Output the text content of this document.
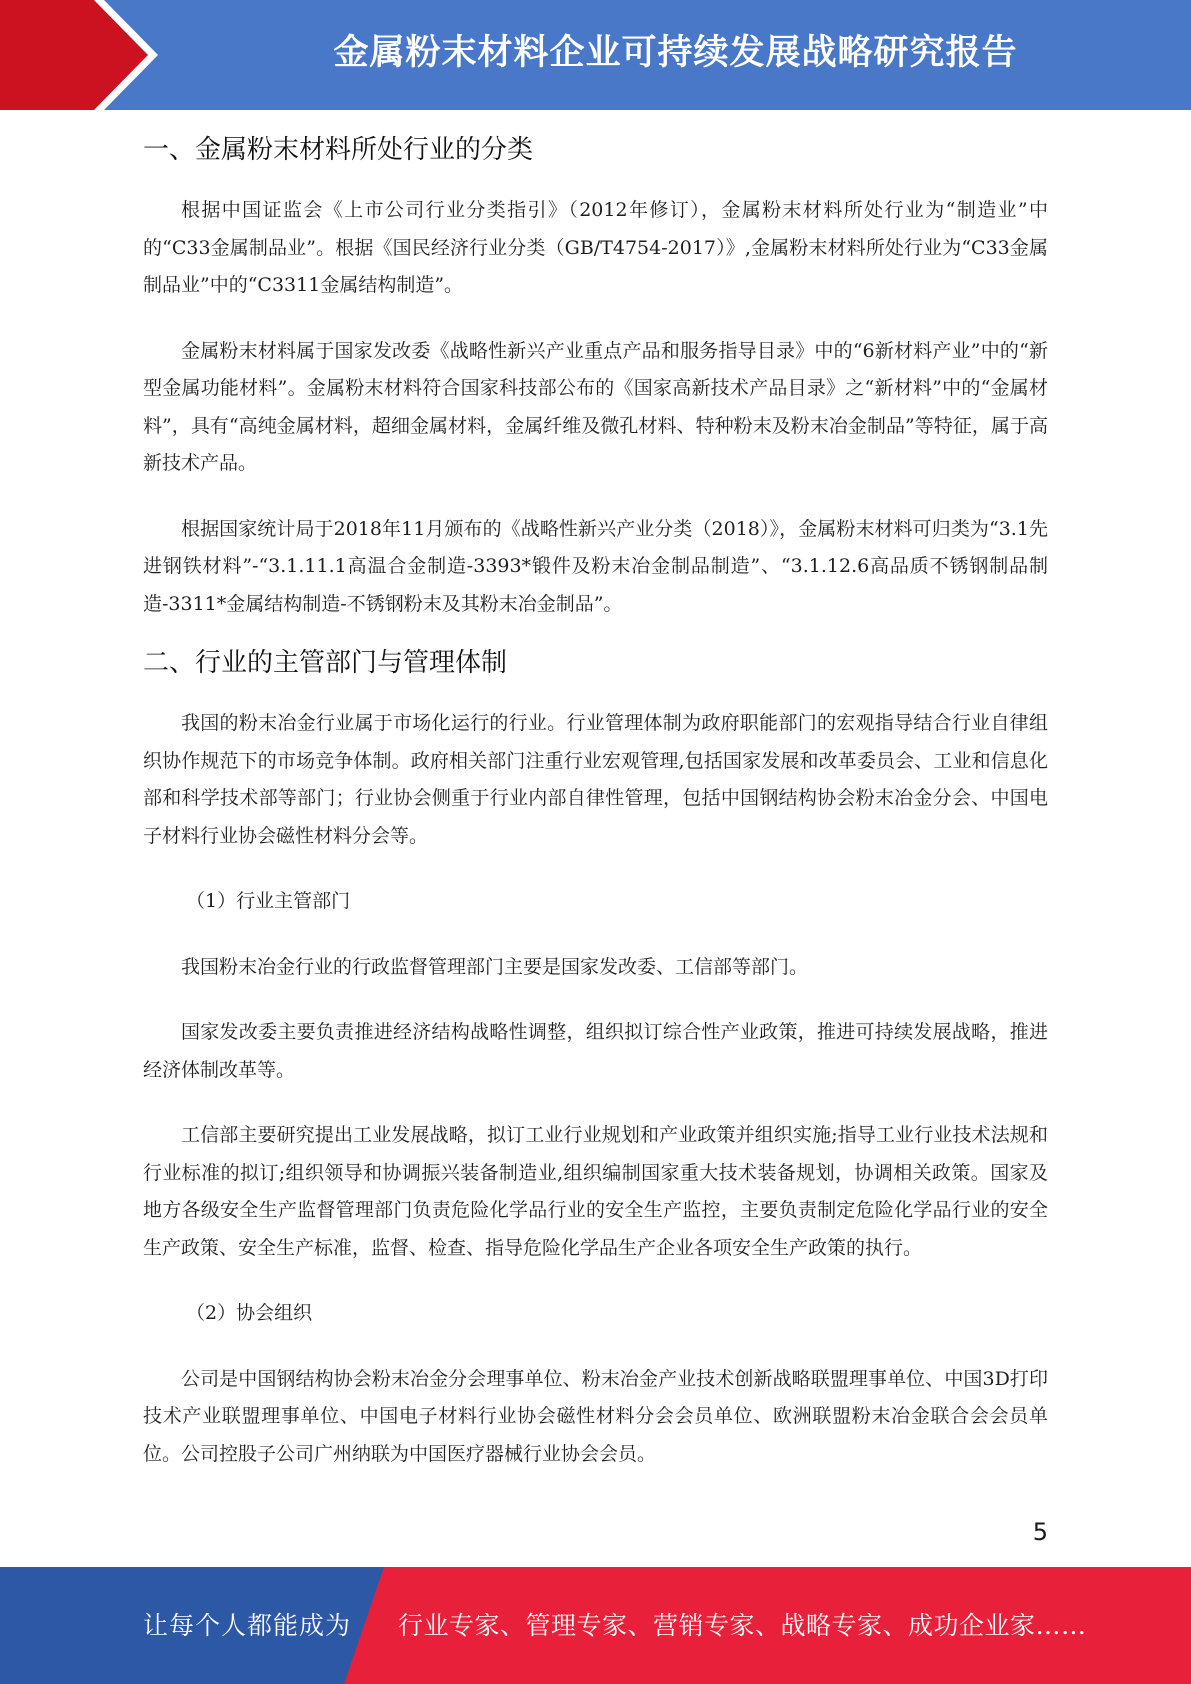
金属粉末材料企业可持续发展战略研究报告
一、金属粉末材料所处行业的分类

根据中国证监会《上市公司行业分类指引》（2012年修订），金属粉末材料所处行业为“制造业”中的“C33金属制品业”。根据《国民经济行业分类（GB/T4754-2017）》,金属粉末材料所处行业为“C33金属制品业”中的“C3311金属结构制造”。

金属粉末材料属于国家发改委《战略性新兴产业重点产品和服务指导目录》中的“6新材料产业”中的“新型金属功能材料”。金属粉末材料符合国家科技部公布的《国家高新技术产品目录》之“新材料”中的“金属材料”，具有“高纯金属材料，超细金属材料，金属纤维及微孔材料、特种粉末及粉末冶金制品”等特征，属于高新技术产品。

根据国家统计局于2018年11月颁布的《战略性新兴产业分类（2018）》，金属粉末材料可归类为“3.1先进钢铁材料”-“3.1.11.1高温合金制造-3393*锻件及粉末冶金制品制造”、“3.1.12.6高品质不锈钢制品制造-3311*金属结构制造-不锈钢粉末及其粉末冶金制品”。

二、行业的主管部门与管理体制

我国的粉末冶金行业属于市场化运行的行业。行业管理体制为政府职能部门的宏观指导结合行业自律组织协作规范下的市场竞争体制。政府相关部门注重行业宏观管理,包括国家发展和改革委员会、工业和信息化部和科学技术部等部门；行业协会侧重于行业内部自律性管理，包括中国钢结构协会粉末冶金分会、中国电子材料行业协会磁性材料分会等。

（1）行业主管部门

我国粉末冶金行业的行政监督管理部门主要是国家发改委、工信部等部门。

国家发改委主要负责推进经济结构战略性调整，组织拟订综合性产业政策，推进可持续发展战略，推进经济体制改革等。

工信部主要研究提出工业发展战略，拟订工业行业规划和产业政策并组织实施;指导工业行业技术法规和行业标准的拟订;组织领导和协调振兴装备制造业,组织编制国家重大技术装备规划，协调相关政策。国家及地方各级安全生产监督管理部门负责危险化学品行业的安全生产监控，主要负责制定危险化学品行业的安全生产政策、安全生产标准，监督、检查、指导危险化学品生产企业各项安全生产政策的执行。

（2）协会组织

公司是中国钢结构协会粉末冶金分会理事单位、粉末冶金产业技术创新战略联盟理事单位、中国3D打印技术产业联盟理事单位、中国电子材料行业协会磁性材料分会会员单位、欧洲联盟粉末冶金联合会会员单位。公司控股子公司广州纳联为中国医疗器械行业协会会员。

5
让每个人都能成为 行业专家、管理专家、营销专家、战略专家、成功企业家……
